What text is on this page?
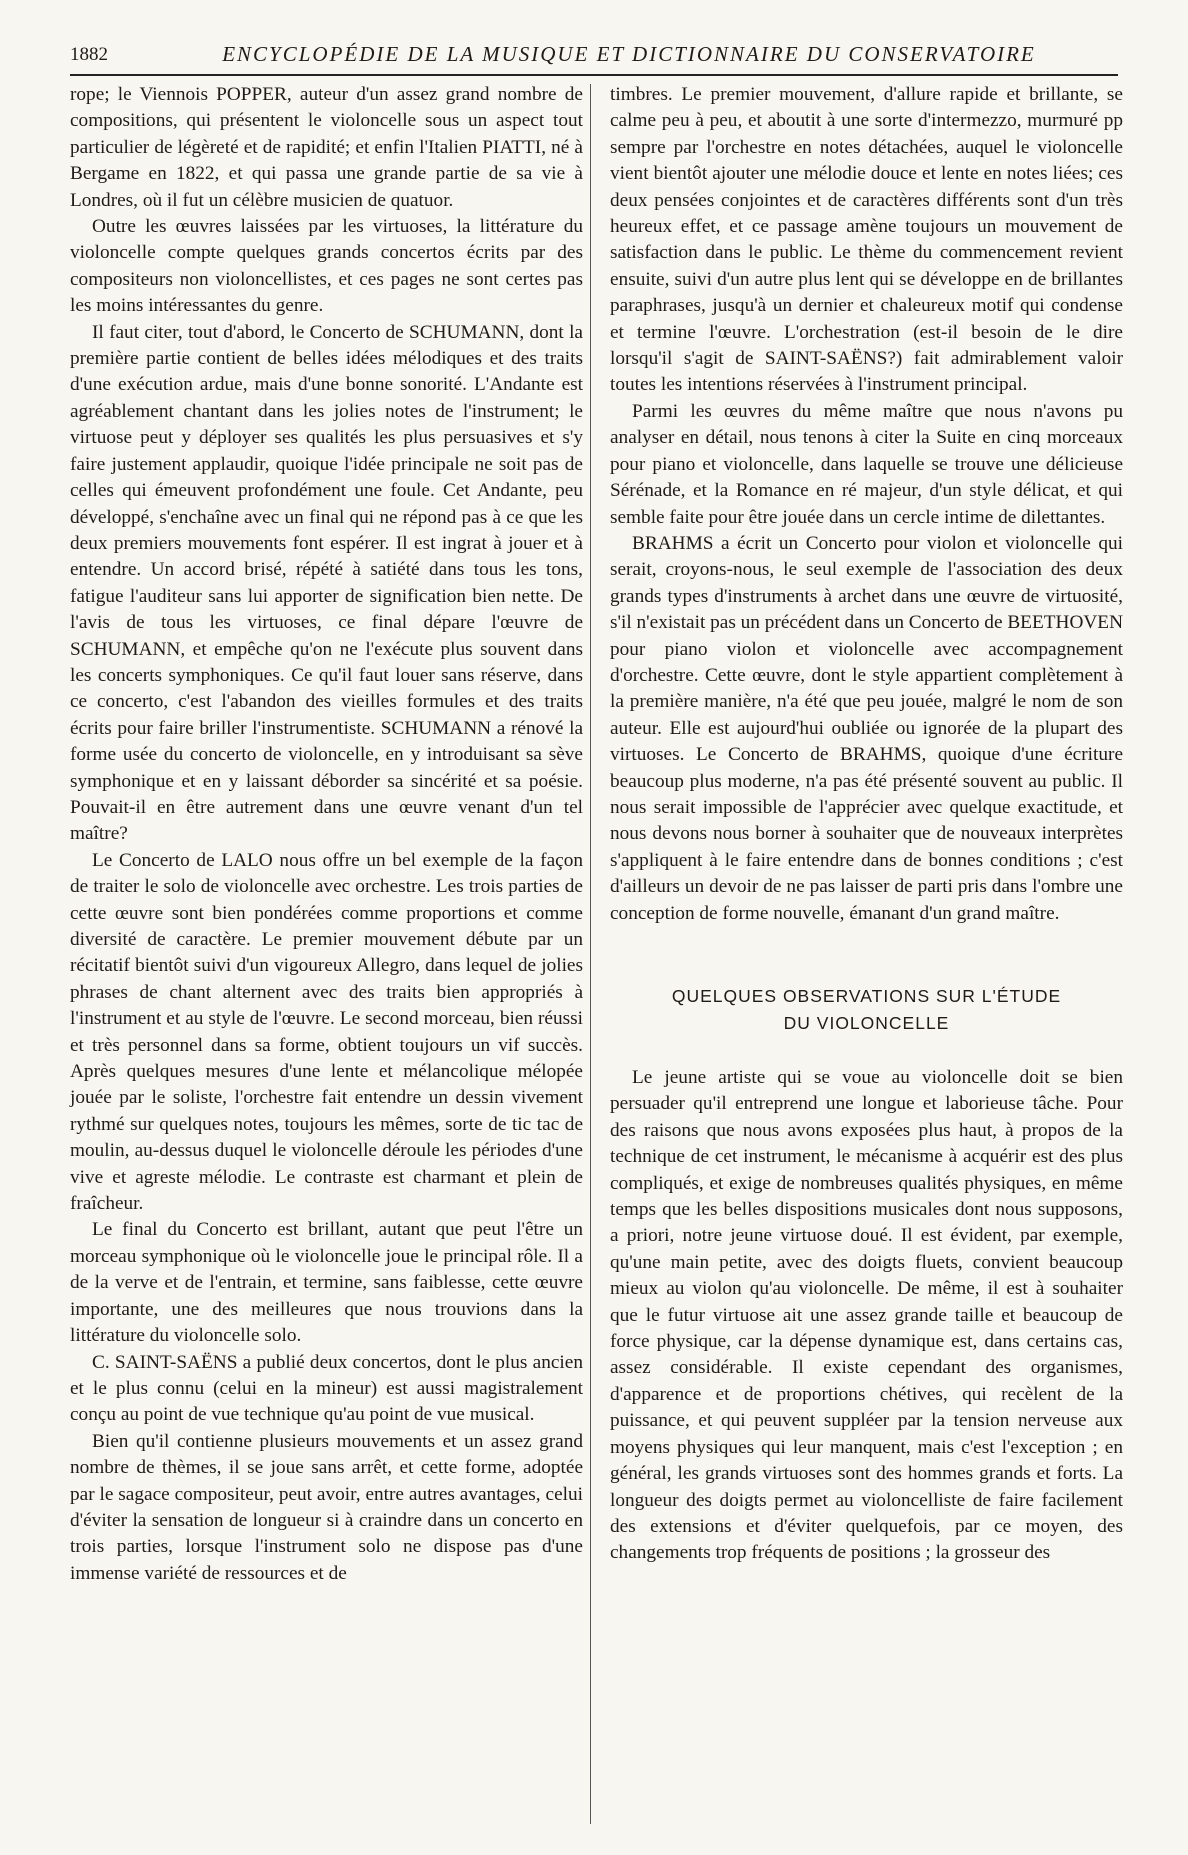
1882	ENCYCLOPÉDIE DE LA MUSIQUE ET DICTIONNAIRE DU CONSERVATOIRE

rope; le Viennois POPPER, auteur d'un assez grand nombre de compositions, qui présentent le violoncelle sous un aspect tout particulier de légèreté et de rapidité; et enfin l'Italien PIATTI, né à Bergame en 1822, et qui passa une grande partie de sa vie à Londres, où il fut un célèbre musicien de quatuor.

Outre les œuvres laissées par les virtuoses, la littérature du violoncelle compte quelques grands concertos écrits par des compositeurs non violoncellistes, et ces pages ne sont certes pas les moins intéressantes du genre.

Il faut citer, tout d'abord, le Concerto de SCHUMANN, dont la première partie contient de belles idées mélodiques et des traits d'une exécution ardue, mais d'une bonne sonorité. L'Andante est agréablement chantant dans les jolies notes de l'instrument; le virtuose peut y déployer ses qualités les plus persuasives et s'y faire justement applaudir, quoique l'idée principale ne soit pas de celles qui émeuvent profondément une foule. Cet Andante, peu développé, s'enchaîne avec un final qui ne répond pas à ce que les deux premiers mouvements font espérer. Il est ingrat à jouer et à entendre. Un accord brisé, répété à satiété dans tous les tons, fatigue l'auditeur sans lui apporter de signification bien nette. De l'avis de tous les virtuoses, ce final dépare l'œuvre de SCHUMANN, et empêche qu'on ne l'exécute plus souvent dans les concerts symphoniques. Ce qu'il faut louer sans réserve, dans ce concerto, c'est l'abandon des vieilles formules et des traits écrits pour faire briller l'instrumentiste. SCHUMANN a rénové la forme usée du concerto de violoncelle, en y introduisant sa sève symphonique et en y laissant déborder sa sincérité et sa poésie. Pouvait-il en être autrement dans une œuvre venant d'un tel maître?

Le Concerto de LALO nous offre un bel exemple de la façon de traiter le solo de violoncelle avec orchestre. Les trois parties de cette œuvre sont bien pondérées comme proportions et comme diversité de caractère. Le premier mouvement débute par un récitatif bientôt suivi d'un vigoureux Allegro, dans lequel de jolies phrases de chant alternent avec des traits bien appropriés à l'instrument et au style de l'œuvre. Le second morceau, bien réussi et très personnel dans sa forme, obtient toujours un vif succès. Après quelques mesures d'une lente et mélancolique mélopée jouée par le soliste, l'orchestre fait entendre un dessin vivement rythmé sur quelques notes, toujours les mêmes, sorte de tic tac de moulin, au-dessus duquel le violoncelle déroule les périodes d'une vive et agreste mélodie. Le contraste est charmant et plein de fraîcheur.

Le final du Concerto est brillant, autant que peut l'être un morceau symphonique où le violoncelle joue le principal rôle. Il a de la verve et de l'entrain, et termine, sans faiblesse, cette œuvre importante, une des meilleures que nous trouvions dans la littérature du violoncelle solo.

C. SAINT-SAËNS a publié deux concertos, dont le plus ancien et le plus connu (celui en la mineur) est aussi magistralement conçu au point de vue technique qu'au point de vue musical.

Bien qu'il contienne plusieurs mouvements et un assez grand nombre de thèmes, il se joue sans arrêt, et cette forme, adoptée par le sagace compositeur, peut avoir, entre autres avantages, celui d'éviter la sensation de longueur si à craindre dans un concerto en trois parties, lorsque l'instrument solo ne dispose pas d'une immense variété de ressources et de

timbres. Le premier mouvement, d'allure rapide et brillante, se calme peu à peu, et aboutit à une sorte d'intermezzo, murmuré pp sempre par l'orchestre en notes détachées, auquel le violoncelle vient bientôt ajouter une mélodie douce et lente en notes liées; ces deux pensées conjointes et de caractères différents sont d'un très heureux effet, et ce passage amène toujours un mouvement de satisfaction dans le public. Le thème du commencement revient ensuite, suivi d'un autre plus lent qui se développe en de brillantes paraphrases, jusqu'à un dernier et chaleureux motif qui condense et termine l'œuvre. L'orchestration (est-il besoin de le dire lorsqu'il s'agit de SAINT-SAËNS?) fait admirablement valoir toutes les intentions réservées à l'instrument principal.

Parmi les œuvres du même maître que nous n'avons pu analyser en détail, nous tenons à citer la Suite en cinq morceaux pour piano et violoncelle, dans laquelle se trouve une délicieuse Sérénade, et la Romance en ré majeur, d'un style délicat, et qui semble faite pour être jouée dans un cercle intime de dilettantes.

BRAHMS a écrit un Concerto pour violon et violoncelle qui serait, croyons-nous, le seul exemple de l'association des deux grands types d'instruments à archet dans une œuvre de virtuosité, s'il n'existait pas un précédent dans un Concerto de BEETHOVEN pour piano violon et violoncelle avec accompagnement d'orchestre. Cette œuvre, dont le style appartient complètement à la première manière, n'a été que peu jouée, malgré le nom de son auteur. Elle est aujourd'hui oubliée ou ignorée de la plupart des virtuoses. Le Concerto de BRAHMS, quoique d'une écriture beaucoup plus moderne, n'a pas été présenté souvent au public. Il nous serait impossible de l'apprécier avec quelque exactitude, et nous devons nous borner à souhaiter que de nouveaux interprètes s'appliquent à le faire entendre dans de bonnes conditions ; c'est d'ailleurs un devoir de ne pas laisser de parti pris dans l'ombre une conception de forme nouvelle, émanant d'un grand maître.

QUELQUES OBSERVATIONS SUR L'ÉTUDE
DU VIOLONCELLE

Le jeune artiste qui se voue au violoncelle doit se bien persuader qu'il entreprend une longue et laborieuse tâche. Pour des raisons que nous avons exposées plus haut, à propos de la technique de cet instrument, le mécanisme à acquérir est des plus compliqués, et exige de nombreuses qualités physiques, en même temps que les belles dispositions musicales dont nous supposons, a priori, notre jeune virtuose doué. Il est évident, par exemple, qu'une main petite, avec des doigts fluets, convient beaucoup mieux au violon qu'au violoncelle. De même, il est à souhaiter que le futur virtuose ait une assez grande taille et beaucoup de force physique, car la dépense dynamique est, dans certains cas, assez considérable. Il existe cependant des organismes, d'apparence et de proportions chétives, qui recèlent de la puissance, et qui peuvent suppléer par la tension nerveuse aux moyens physiques qui leur manquent, mais c'est l'exception ; en général, les grands virtuoses sont des hommes grands et forts. La longueur des doigts permet au violoncelliste de faire facilement des extensions et d'éviter quelquefois, par ce moyen, des changements trop fréquents de positions ; la grosseur des
